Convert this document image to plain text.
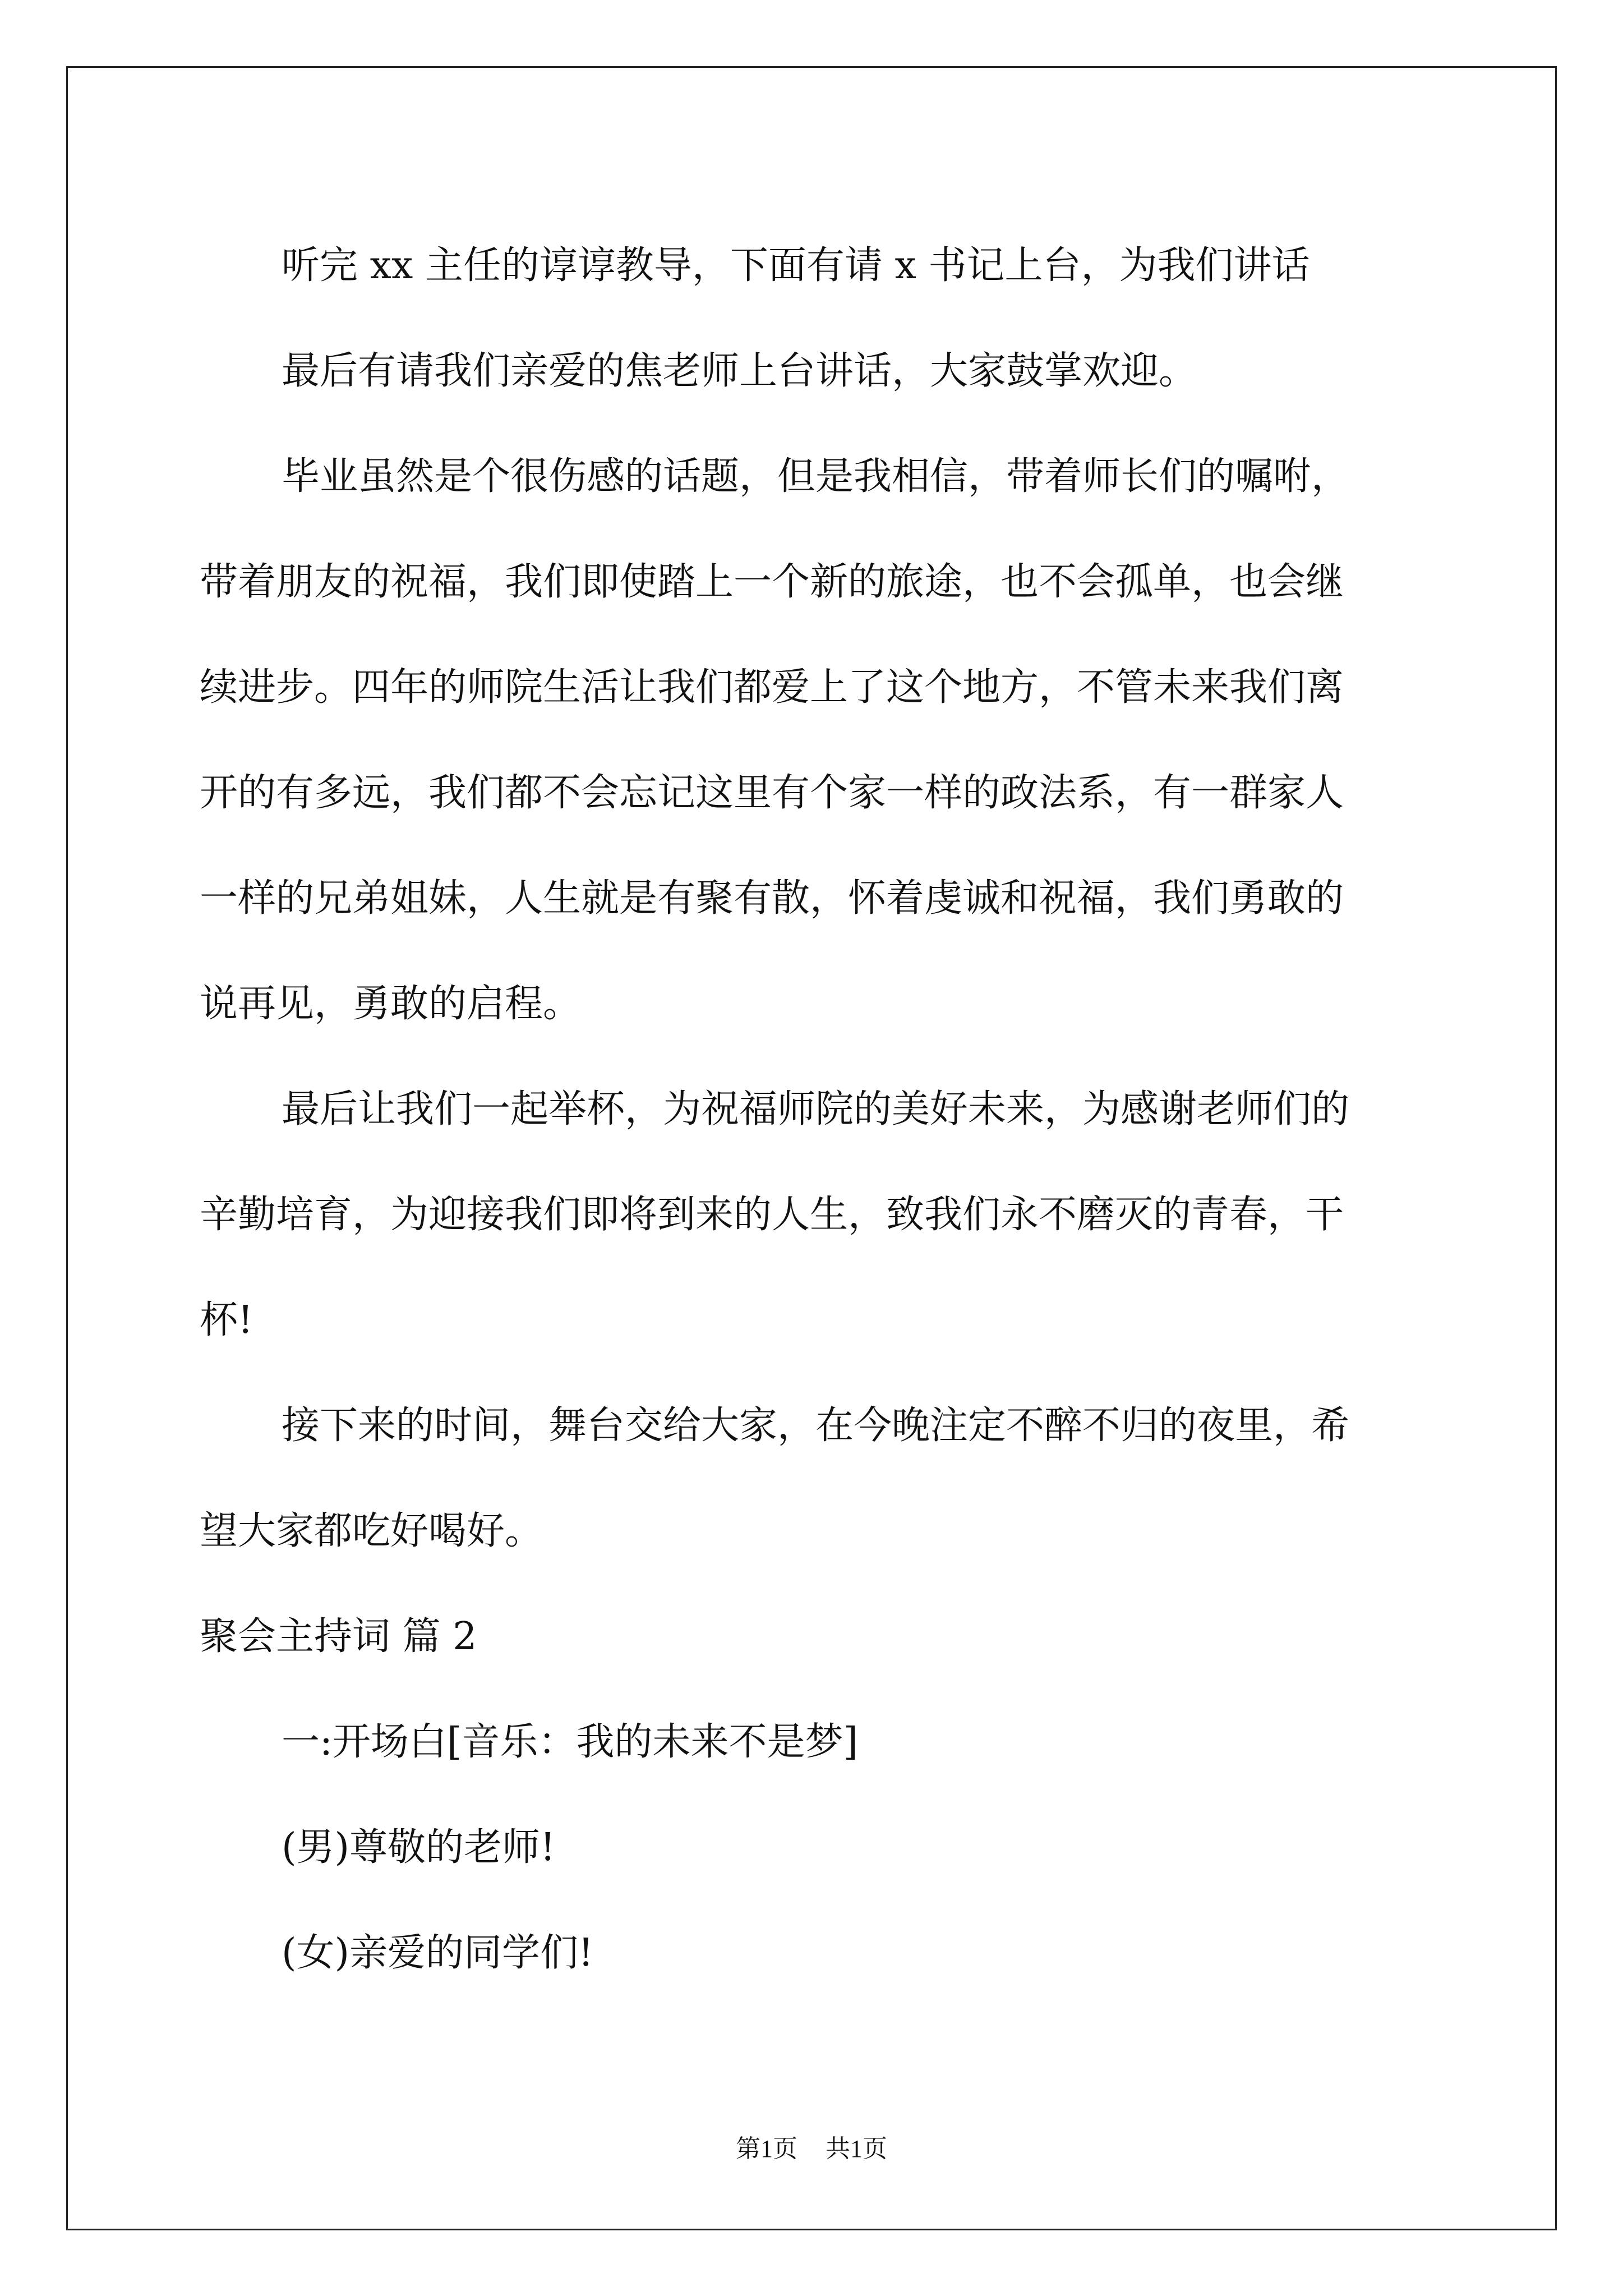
听完 xx 主任的谆谆教导，下面有请 x 书记上台，为我们讲话

最后有请我们亲爱的焦老师上台讲话，大家鼓掌欢迎。

毕业虽然是个很伤感的话题，但是我相信，带着师长们的嘱咐，

带着朋友的祝福，我们即使踏上一个新的旅途，也不会孤单，也会继

续进步。四年的师院生活让我们都爱上了这个地方，不管未来我们离

开的有多远，我们都不会忘记这里有个家一样的政法系，有一群家人

一样的兄弟姐妹，人生就是有聚有散，怀着虔诚和祝福，我们勇敢的

说再见，勇敢的启程。

最后让我们一起举杯，为祝福师院的美好未来，为感谢老师们的

辛勤培育，为迎接我们即将到来的人生，致我们永不磨灭的青春，干

杯!

接下来的时间，舞台交给大家，在今晚注定不醉不归的夜里，希

望大家都吃好喝好。

聚会主持词 篇 2

一:开场白[音乐：我的未来不是梦]

(男)尊敬的老师!

(女)亲爱的同学们!

第1页 共1页
